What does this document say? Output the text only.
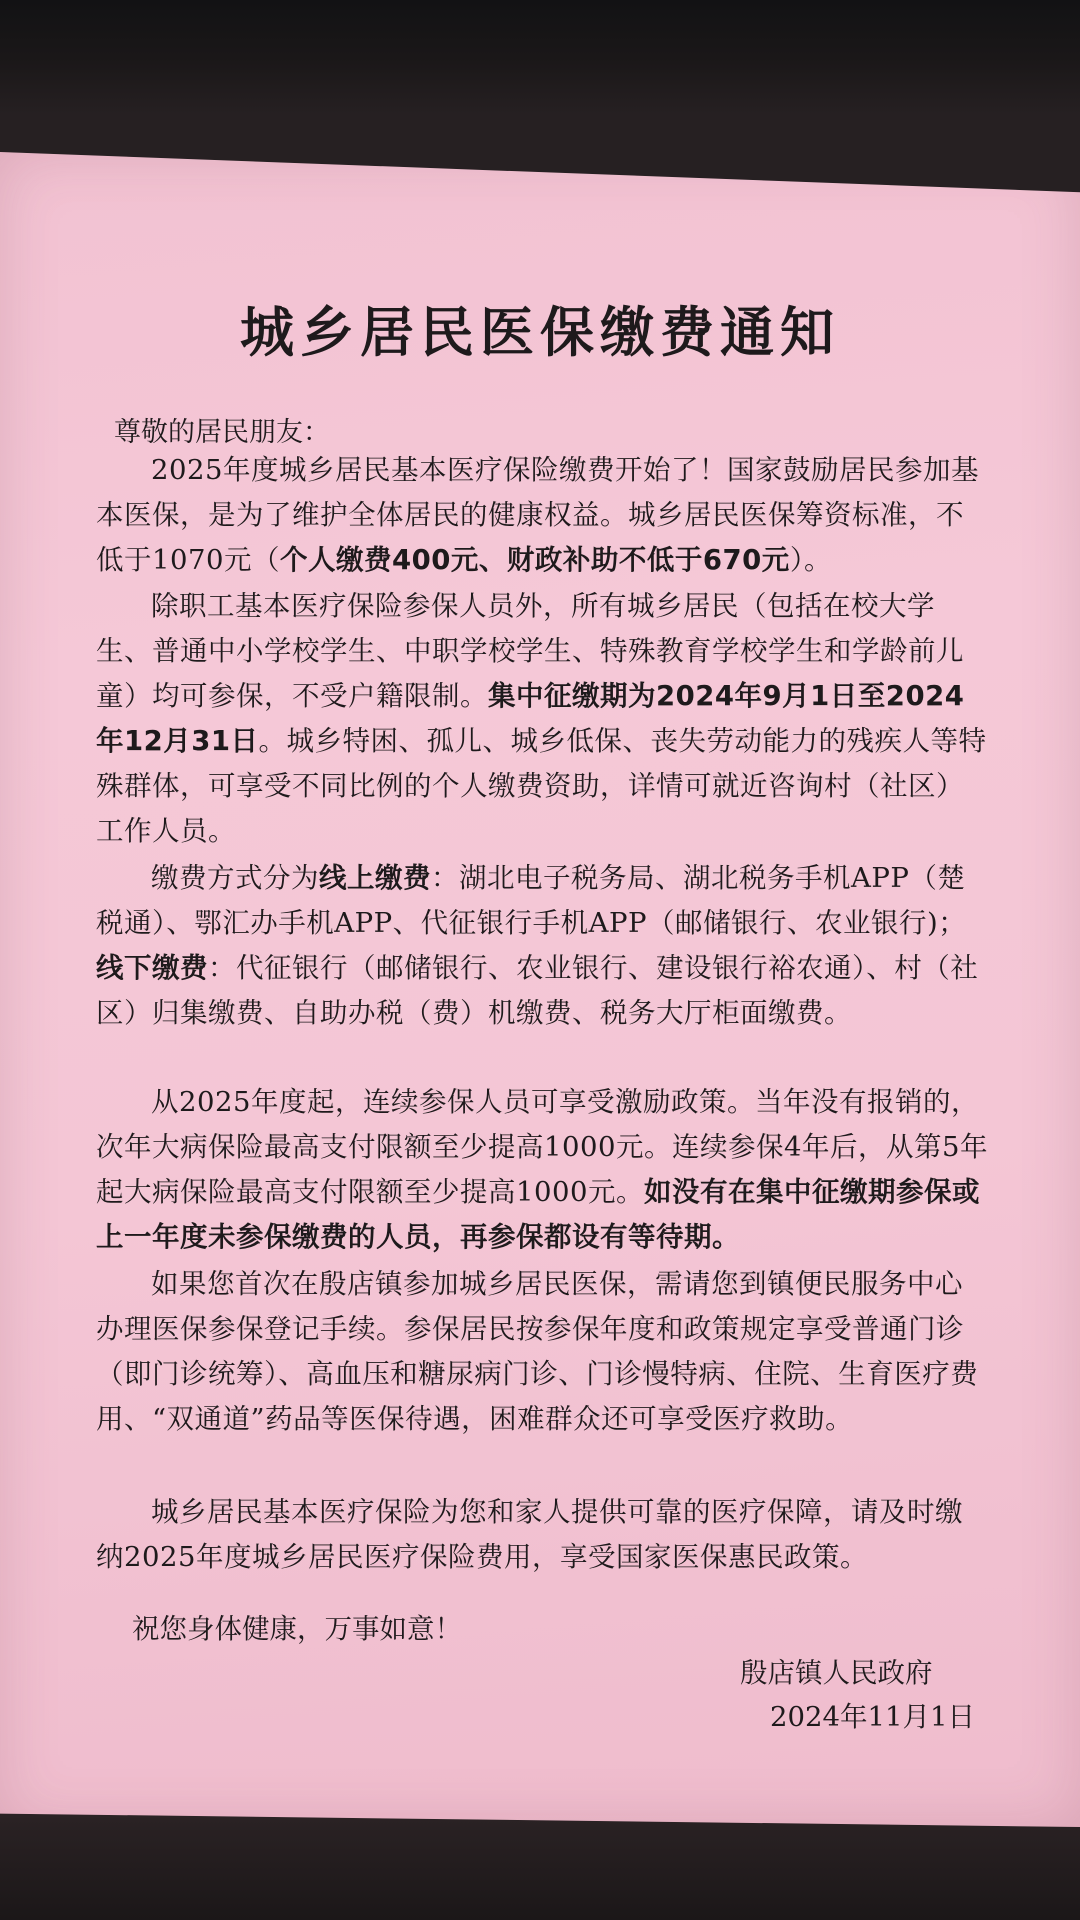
城乡居民医保缴费通知

尊敬的居民朋友：

2025年度城乡居民基本医疗保险缴费开始了！国家鼓励居民参加基本医保，是为了维护全体居民的健康权益。城乡居民医保筹资标准，不低于1070元（个人缴费400元、财政补助不低于670元）。

除职工基本医疗保险参保人员外，所有城乡居民（包括在校大学生、普通中小学校学生、中职学校学生、特殊教育学校学生和学龄前儿童）均可参保，不受户籍限制。集中征缴期为2024年9月1日至2024年12月31日。城乡特困、孤儿、城乡低保、丧失劳动能力的残疾人等特殊群体，可享受不同比例的个人缴费资助，详情可就近咨询村（社区）工作人员。

缴费方式分为线上缴费：湖北电子税务局、湖北税务手机APP（楚税通）、鄂汇办手机APP、代征银行手机APP（邮储银行、农业银行)；线下缴费：代征银行（邮储银行、农业银行、建设银行裕农通）、村（社区）归集缴费、自助办税（费）机缴费、税务大厅柜面缴费。

从2025年度起，连续参保人员可享受激励政策。当年没有报销的，次年大病保险最高支付限额至少提高1000元。连续参保4年后，从第5年起大病保险最高支付限额至少提高1000元。如没有在集中征缴期参保或上一年度未参保缴费的人员，再参保都设有等待期。

如果您首次在殷店镇参加城乡居民医保，需请您到镇便民服务中心办理医保参保登记手续。参保居民按参保年度和政策规定享受普通门诊（即门诊统筹）、高血压和糖尿病门诊、门诊慢特病、住院、生育医疗费用、“双通道”药品等医保待遇，困难群众还可享受医疗救助。

城乡居民基本医疗保险为您和家人提供可靠的医疗保障，请及时缴纳2025年度城乡居民医疗保险费用，享受国家医保惠民政策。

祝您身体健康，万事如意！

殷店镇人民政府

2024年11月1日
